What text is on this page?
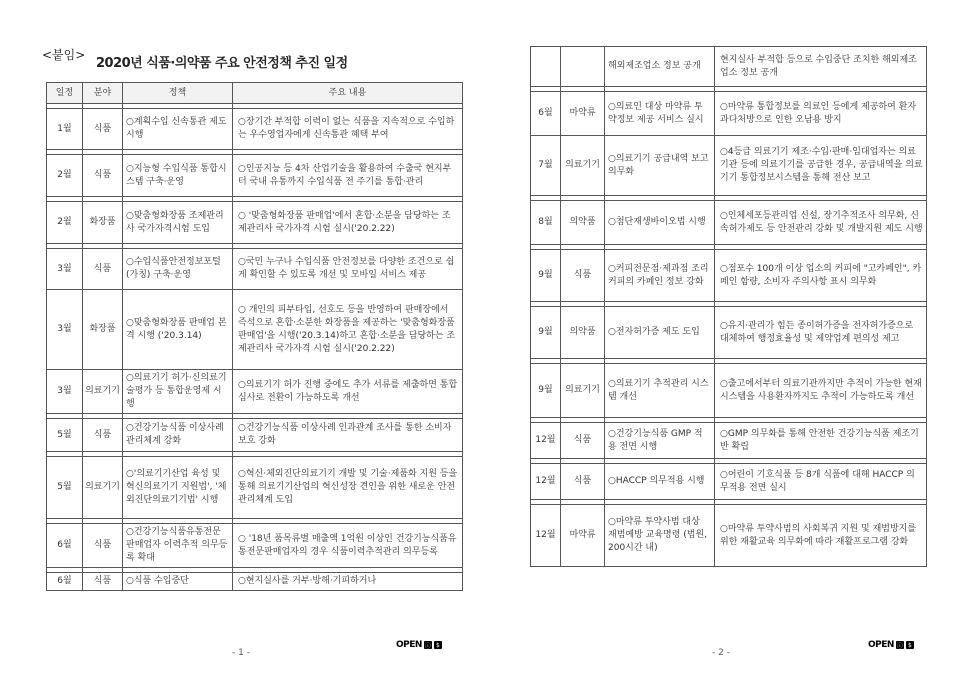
<붙임>
2020년 식품·의약품 주요 안전정책 추진 일정
일정	분야	정책	주요 내용

1월	식품	○계획수입 신속통관 제도 시행	○장기간 부적합 이력이 없는 식품을 지속적으로 수입하는 우수영업자에게 신속통관 혜택 부여

2월	식품	○지능형 수입식품 통합시스템 구축·운영	○인공지능 등 4차 산업기술을 활용하여 수출국 현지부터 국내 유통까지 수입식품 전 주기를 통합·관리

2월	화장품	○맞춤형화장품 조제관리사 국가자격시험 도입	○ '맞춤형화장품 판매업'에서 혼합·소분을 담당하는 조제관리사 국가자격 시험 실시('20.2.22)

3월	식품	○수입식품안전정보포털(가칭) 구축·운영	○국민 누구나 수입식품 안전정보를 다양한 조건으로 쉽게 확인할 수 있도록 개선 및 모바일 서비스 제공
3월	화장품	○맞춤형화장품 판매업 본격 시행 ('20.3.14)	○ 개인의 피부타입, 선호도 등을 반영하여 판매장에서 즉석으로 혼합·소분한 화장품을 제공하는 '맞춤형화장품 판매업'을 시행('20.3.14)하고 혼합·소분을 담당하는 조제관리사 국가자격 시험 실시('20.2.22)
3월	의료기기	○의료기기 허가·신의료기술평가 등 통합운영제 시행	○의료기기 허가 진행 중에도 추가 서류를 제출하면 통합 심사로 전환이 가능하도록 개선

5월	식품	○건강기능식품 이상사례 관리체계 강화	○건강기능식품 이상사례 인과관계 조사를 통한 소비자 보호 강화

5월	의료기기	○'의료기기산업 육성 및 혁신의료기기 지원법', '체외진단의료기기법' 시행	○혁신·체외진단의료기기 개발 및 기술·제품화 지원 등을 통해 의료기기산업의 혁신성장 견인을 위한 새로운 안전관리체계 도입

6월	식품	○건강기능식품유통전문판매업자 이력추적 의무등록 확대	○ '18년 품목류별 매출액 1억원 이상인 건강기능식품유통전문판매업자의 경우 식품이력추적관리 의무등록

6월	식품	○식품 수입중단	○현지실사를 거부·방해·기피하거나
- 1 -
OPEN ⓘ $
		해외제조업소 정보 공개	현지실사 부적합 등으로 수입중단 조치한 해외제조업소 정보 공개

6월	마약류	○의료인 대상 마약류 투약정보 제공 서비스 실시	○마약류 통합정보를 의료인 등에게 제공하여 환자 과다처방으로 인한 오남용 방지
7월	의료기기	○의료기기 공급내역 보고 의무화	○4등급 의료기기 제조·수입·판매·임대업자는 의료기관 등에 의료기기를 공급한 경우, 공급내역을 의료기기 통합정보시스템을 통해 전산 보고

8월	의약품	○첨단재생바이오법 시행	○인체세포등관리업 신설, 장기추적조사 의무화, 신속허가제도 등 안전관리 강화 및 개발지원 제도 시행

9월	식품	○커피전문점·제과점 조리커피의 카페인 정보 강화	○점포수 100개 이상 업소의 커피에 "고카페인", 카페인 함량, 소비자 주의사항 표시 의무화

9월	의약품	○전자허가증 제도 도입	○유지·관리가 힘든 종이허가증을 전자허가증으로 대체하여 행정효율성 및 제약업계 편의성 제고

9월	의료기기	○의료기기 추적관리 시스템 개선	○출고에서부터 의료기관까지만 추적이 가능한 현재 시스템을 사용환자까지도 추적이 가능하도록 개선

12월	식품	○건강기능식품 GMP 적용 전면 시행	○GMP 의무화를 통해 안전한 건강기능식품 제조기반 확립

12월	식품	○HACCP 의무적용 시행	○어린이 기호식품 등 8개 식품에 대해 HACCP 의무적용 전면 실시

12월	마약류	○마약류 투약사범 대상 재범예방 교육명령 (법원, 200시간 내)	○마약류 투약사범의 사회복귀 지원 및 재범방지를 위한 재활교육 의무화에 따라 재활프로그램 강화
- 2 -
OPEN ⓘ $
